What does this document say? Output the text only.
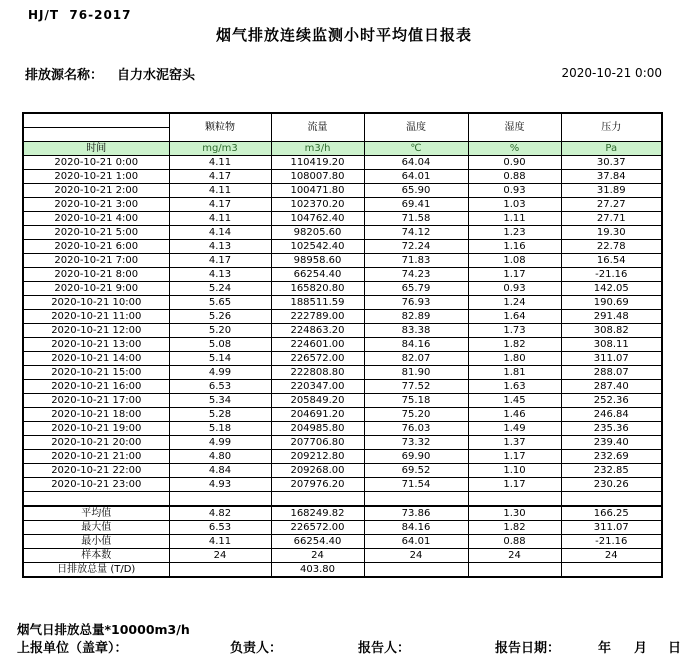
HJ/T  76-2017
烟气排放连续监测小时平均值日报表
排放源名称： 自力水泥窑头	2020-10-21 0:00
	颗粒物	流量	温度	湿度	压力

时间	mg/m3	m3/h	℃	%	Pa
2020-10-21 0:00	4.11	110419.20	64.04	0.90	30.37
2020-10-21 1:00	4.17	108007.80	64.01	0.88	37.84
2020-10-21 2:00	4.11	100471.80	65.90	0.93	31.89
2020-10-21 3:00	4.17	102370.20	69.41	1.03	27.27
2020-10-21 4:00	4.11	104762.40	71.58	1.11	27.71
2020-10-21 5:00	4.14	98205.60	74.12	1.23	19.30
2020-10-21 6:00	4.13	102542.40	72.24	1.16	22.78
2020-10-21 7:00	4.17	98958.60	71.83	1.08	16.54
2020-10-21 8:00	4.13	66254.40	74.23	1.17	-21.16
2020-10-21 9:00	5.24	165820.80	65.79	0.93	142.05
2020-10-21 10:00	5.65	188511.59	76.93	1.24	190.69
2020-10-21 11:00	5.26	222789.00	82.89	1.64	291.48
2020-10-21 12:00	5.20	224863.20	83.38	1.73	308.82
2020-10-21 13:00	5.08	224601.00	84.16	1.82	308.11
2020-10-21 14:00	5.14	226572.00	82.07	1.80	311.07
2020-10-21 15:00	4.99	222808.80	81.90	1.81	288.07
2020-10-21 16:00	6.53	220347.00	77.52	1.63	287.40
2020-10-21 17:00	5.34	205849.20	75.18	1.45	252.36
2020-10-21 18:00	5.28	204691.20	75.20	1.46	246.84
2020-10-21 19:00	5.18	204985.80	76.03	1.49	235.36
2020-10-21 20:00	4.99	207706.80	73.32	1.37	239.40
2020-10-21 21:00	4.80	209212.80	69.90	1.17	232.69
2020-10-21 22:00	4.84	209268.00	69.52	1.10	232.85
2020-10-21 23:00	4.93	207976.20	71.54	1.17	230.26

平均值	4.82	168249.82	73.86	1.30	166.25
最大值	6.53	226572.00	84.16	1.82	311.07
最小值	4.11	66254.40	64.01	0.88	-21.16
样本数	24	24	24	24	24
日排放总量 (T/D)		403.80			
烟气日排放总量*10000m3/h
上报单位（盖章）：	负责人：	报告人：	报告日期：	年 月 日
